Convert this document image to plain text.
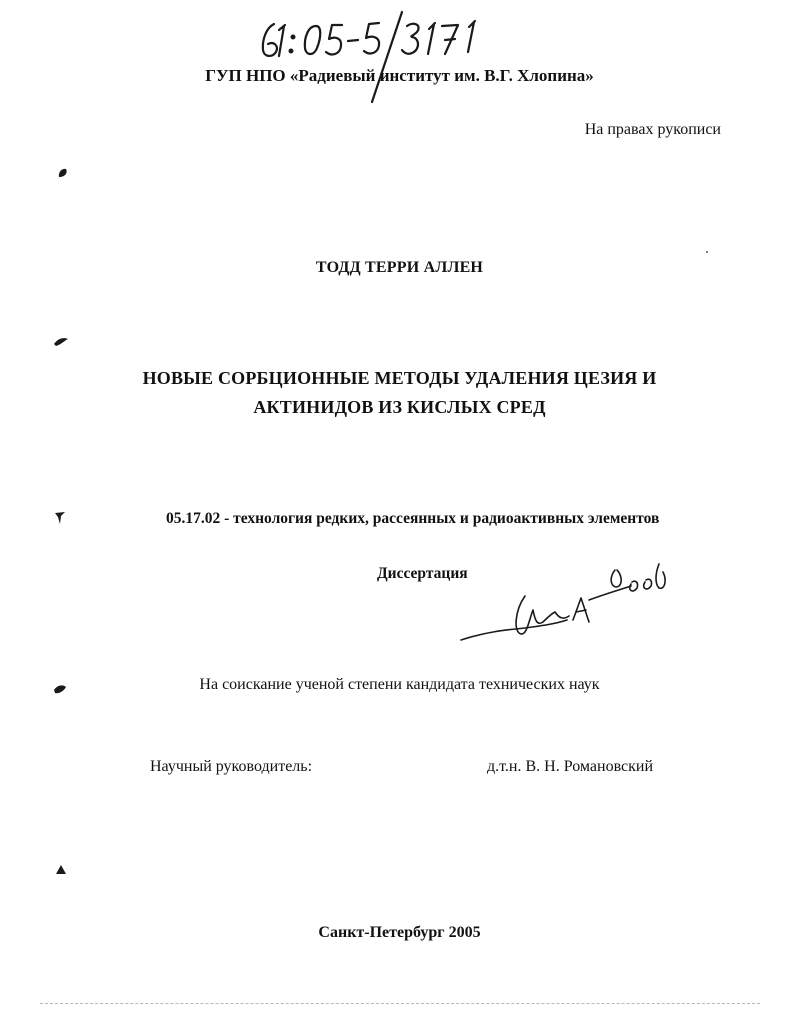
ГУП НПО «Радиевый институт им. В.Г. Хлопина»

На правах рукописи

ТОДД ТЕРРИ АЛЛЕН

НОВЫЕ СОРБЦИОННЫЕ МЕТОДЫ УДАЛЕНИЯ ЦЕЗИЯ И

АКТИНИДОВ ИЗ КИСЛЫХ СРЕД

05.17.02 - технология редких, рассеянных и радиоактивных элементов

Диссертация

На соискание ученой степени кандидата технических наук

Научный руководитель:	д.т.н. В. Н. Романовский

Санкт-Петербург 2005
